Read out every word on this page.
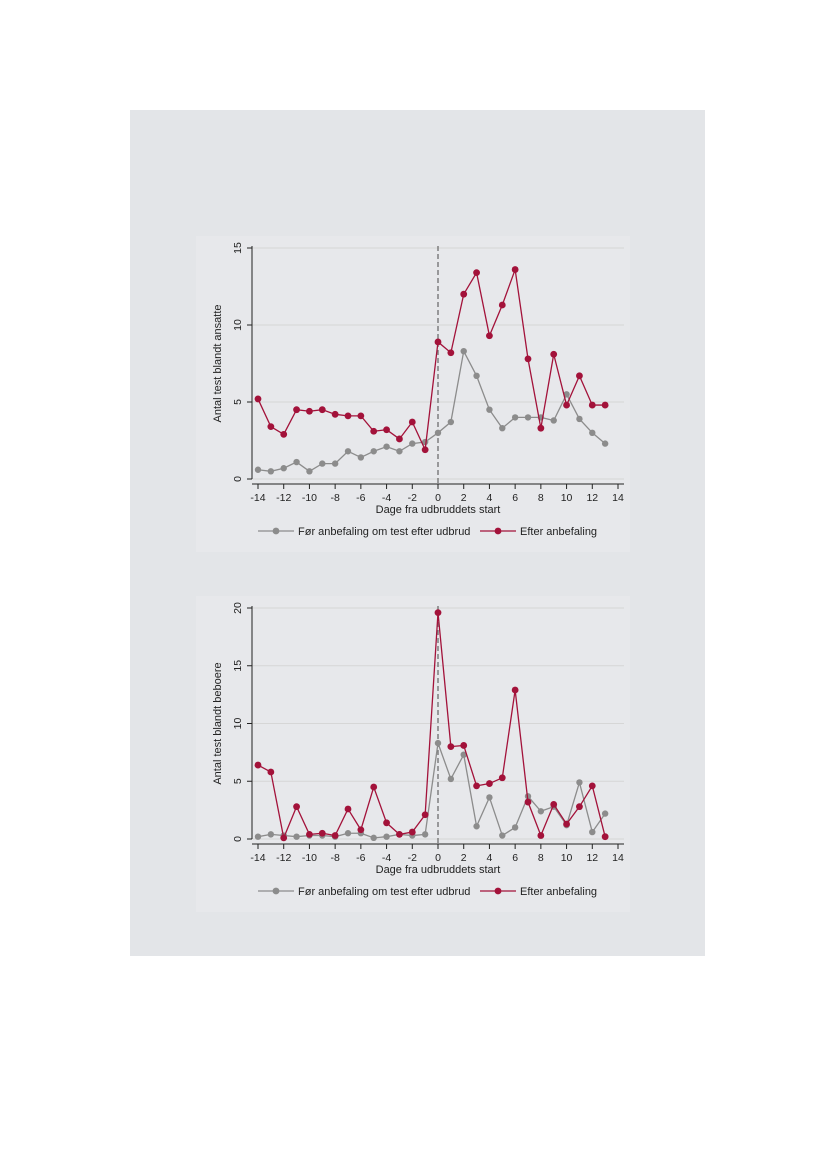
-14 -12 -10 -8 -6 -4 -2 0 2 4 6 8 10 12 14
0
5
10
15
Dage fra udbruddets start
Antal test blandt ansatte
Før anbefaling om test efter udbrud	Efter anbefaling
-14 -12 -10 -8 -6 -4 -2 0 2 4 6 8 10 12 14
0
5
10
15
20
Dage fra udbruddets start
Antal test blandt beboere
Før anbefaling om test efter udbrud	Efter anbefaling
